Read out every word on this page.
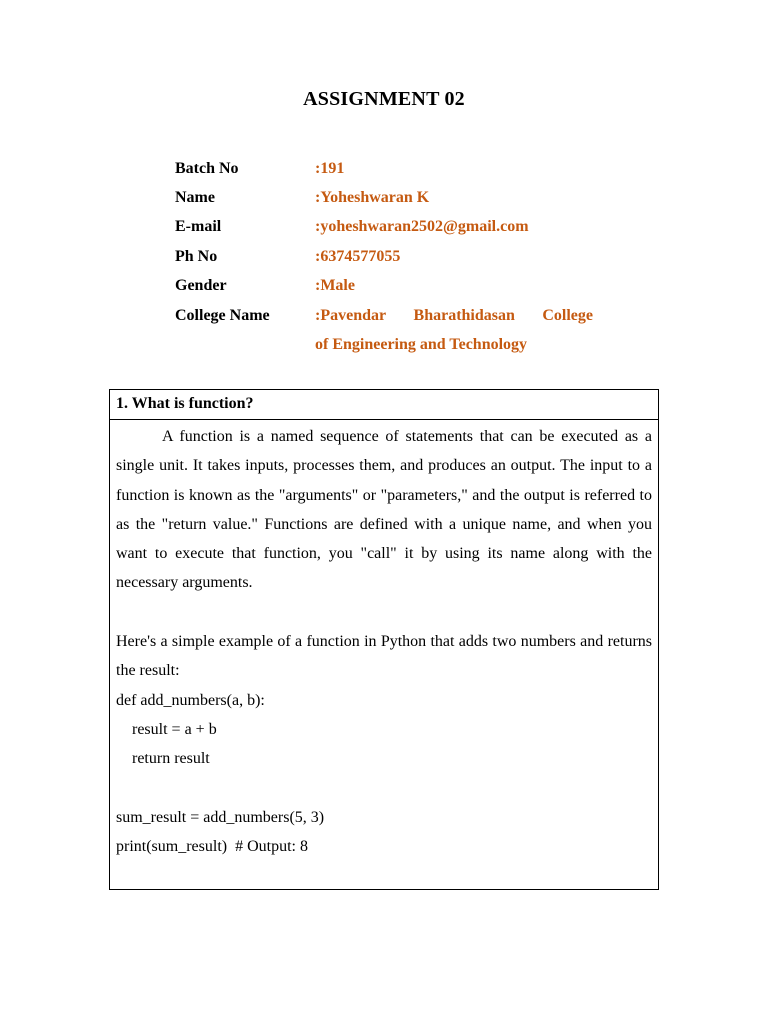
ASSIGNMENT 02
Batch No	:191
Name	:Yoheshwaran K
E-mail	:yoheshwaran2502@gmail.com
Ph No	:6374577055
Gender	:Male
College Name	:Pavendar Bharathidasan College
of Engineering and Technology
1. What is function?

A function is a named sequence of statements that can be executed as a single unit. It takes inputs, processes them, and produces an output. The input to a function is known as the "arguments" or "parameters," and the output is referred to as the "return value." Functions are defined with a unique name, and when you want to execute that function, you "call" it by using its name along with the necessary arguments.

Here's a simple example of a function in Python that adds two numbers and returns the result:

def add_numbers(a, b):

result = a + b

return result

sum_result = add_numbers(5, 3)

print(sum_result)  # Output: 8
